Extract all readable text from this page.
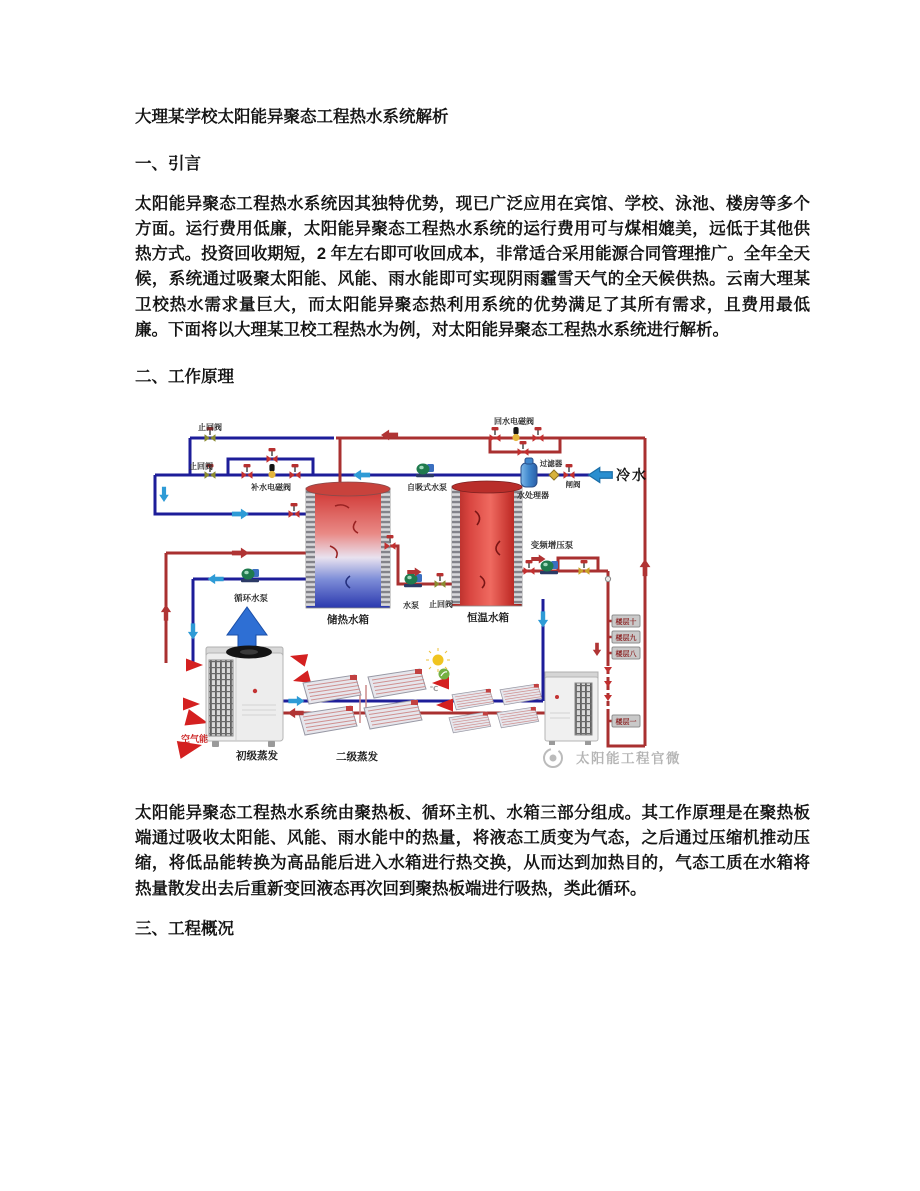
大理某学校太阳能异聚态工程热水系统解析
一、引言

太阳能异聚态工程热水系统因其独特优势，现已广泛应用在宾馆、学校、泳池、楼房等多个方面。运行费用低廉，太阳能异聚态工程热水系统的运行费用可与煤相媲美，远低于其他供热方式。投资回收期短，2 年左右即可收回成本，非常适合采用能源合同管理推广。全年全天候，系统通过吸聚太阳能、风能、雨水能即可实现阴雨霾雪天气的全天候供热。云南大理某卫校热水需求量巨大，而太阳能异聚态热利用系统的优势满足了其所有需求，且费用最低廉。下面将以大理某卫校工程热水为例，对太阳能异聚态工程热水系统进行解析。

二、工作原理
楼层十
楼层九
楼层八
楼层一
℃
止回阀
止回阀
补水电磁阀	自吸式水泵
回水电磁阀
过滤器
闸阀
冷水
水处理器
变频增压泵
循环水泵
储热水箱
水泵 止回阀
恒温水箱
空气能
初级蒸发	二级蒸发	太阳能工程官微

太阳能异聚态工程热水系统由聚热板、循环主机、水箱三部分组成。其工作原理是在聚热板端通过吸收太阳能、风能、雨水能中的热量，将液态工质变为气态，之后通过压缩机推动压缩，将低品能转换为高品能后进入水箱进行热交换，从而达到加热目的，气态工质在水箱将热量散发出去后重新变回液态再次回到聚热板端进行吸热，类此循环。

三、工程概况
